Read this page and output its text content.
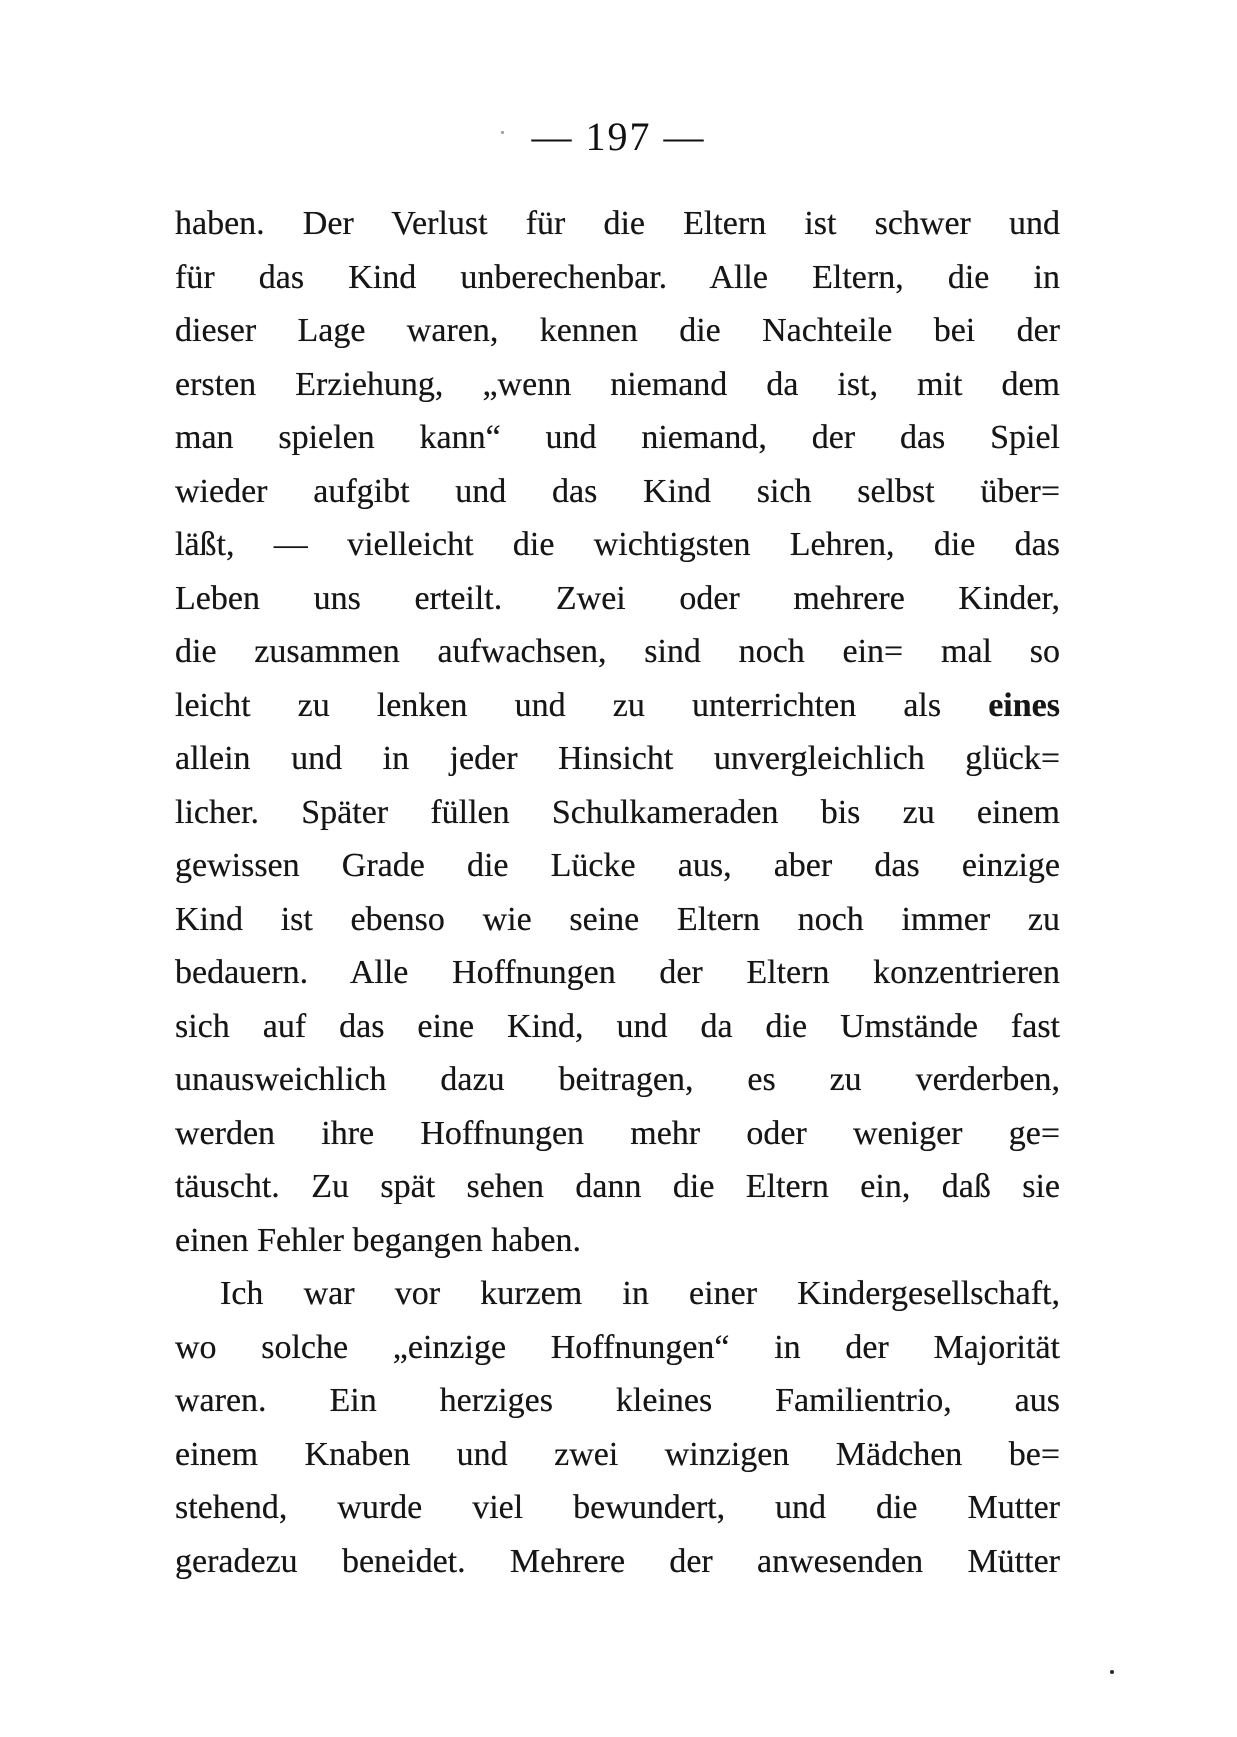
— 197 —

haben. Der Verlust für die Eltern ist schwer und

für das Kind unberechenbar. Alle Eltern, die in

dieser Lage waren, kennen die Nachteile bei der

ersten Erziehung, „wenn niemand da ist, mit dem

man spielen kann“ und niemand, der das Spiel

wieder aufgibt und das Kind sich selbst über=

läßt, — vielleicht die wichtigsten Lehren, die das

Leben uns erteilt. Zwei oder mehrere Kinder,

die zusammen aufwachsen, sind noch ein= mal so

leicht zu lenken und zu unterrichten als eines

allein und in jeder Hinsicht unvergleichlich glück=

licher. Später füllen Schulkameraden bis zu einem

gewissen Grade die Lücke aus, aber das einzige

Kind ist ebenso wie seine Eltern noch immer zu

bedauern. Alle Hoffnungen der Eltern konzentrieren

sich auf das eine Kind, und da die Umstände fast

unausweichlich dazu beitragen, es zu verderben,

werden ihre Hoffnungen mehr oder weniger ge=

täuscht. Zu spät sehen dann die Eltern ein, daß sie

einen Fehler begangen haben.

Ich war vor kurzem in einer Kindergesellschaft,

wo solche „einzige Hoffnungen“ in der Majorität

waren. Ein herziges kleines Familientrio, aus

einem Knaben und zwei winzigen Mädchen be=

stehend, wurde viel bewundert, und die Mutter

geradezu beneidet. Mehrere der anwesenden Mütter
